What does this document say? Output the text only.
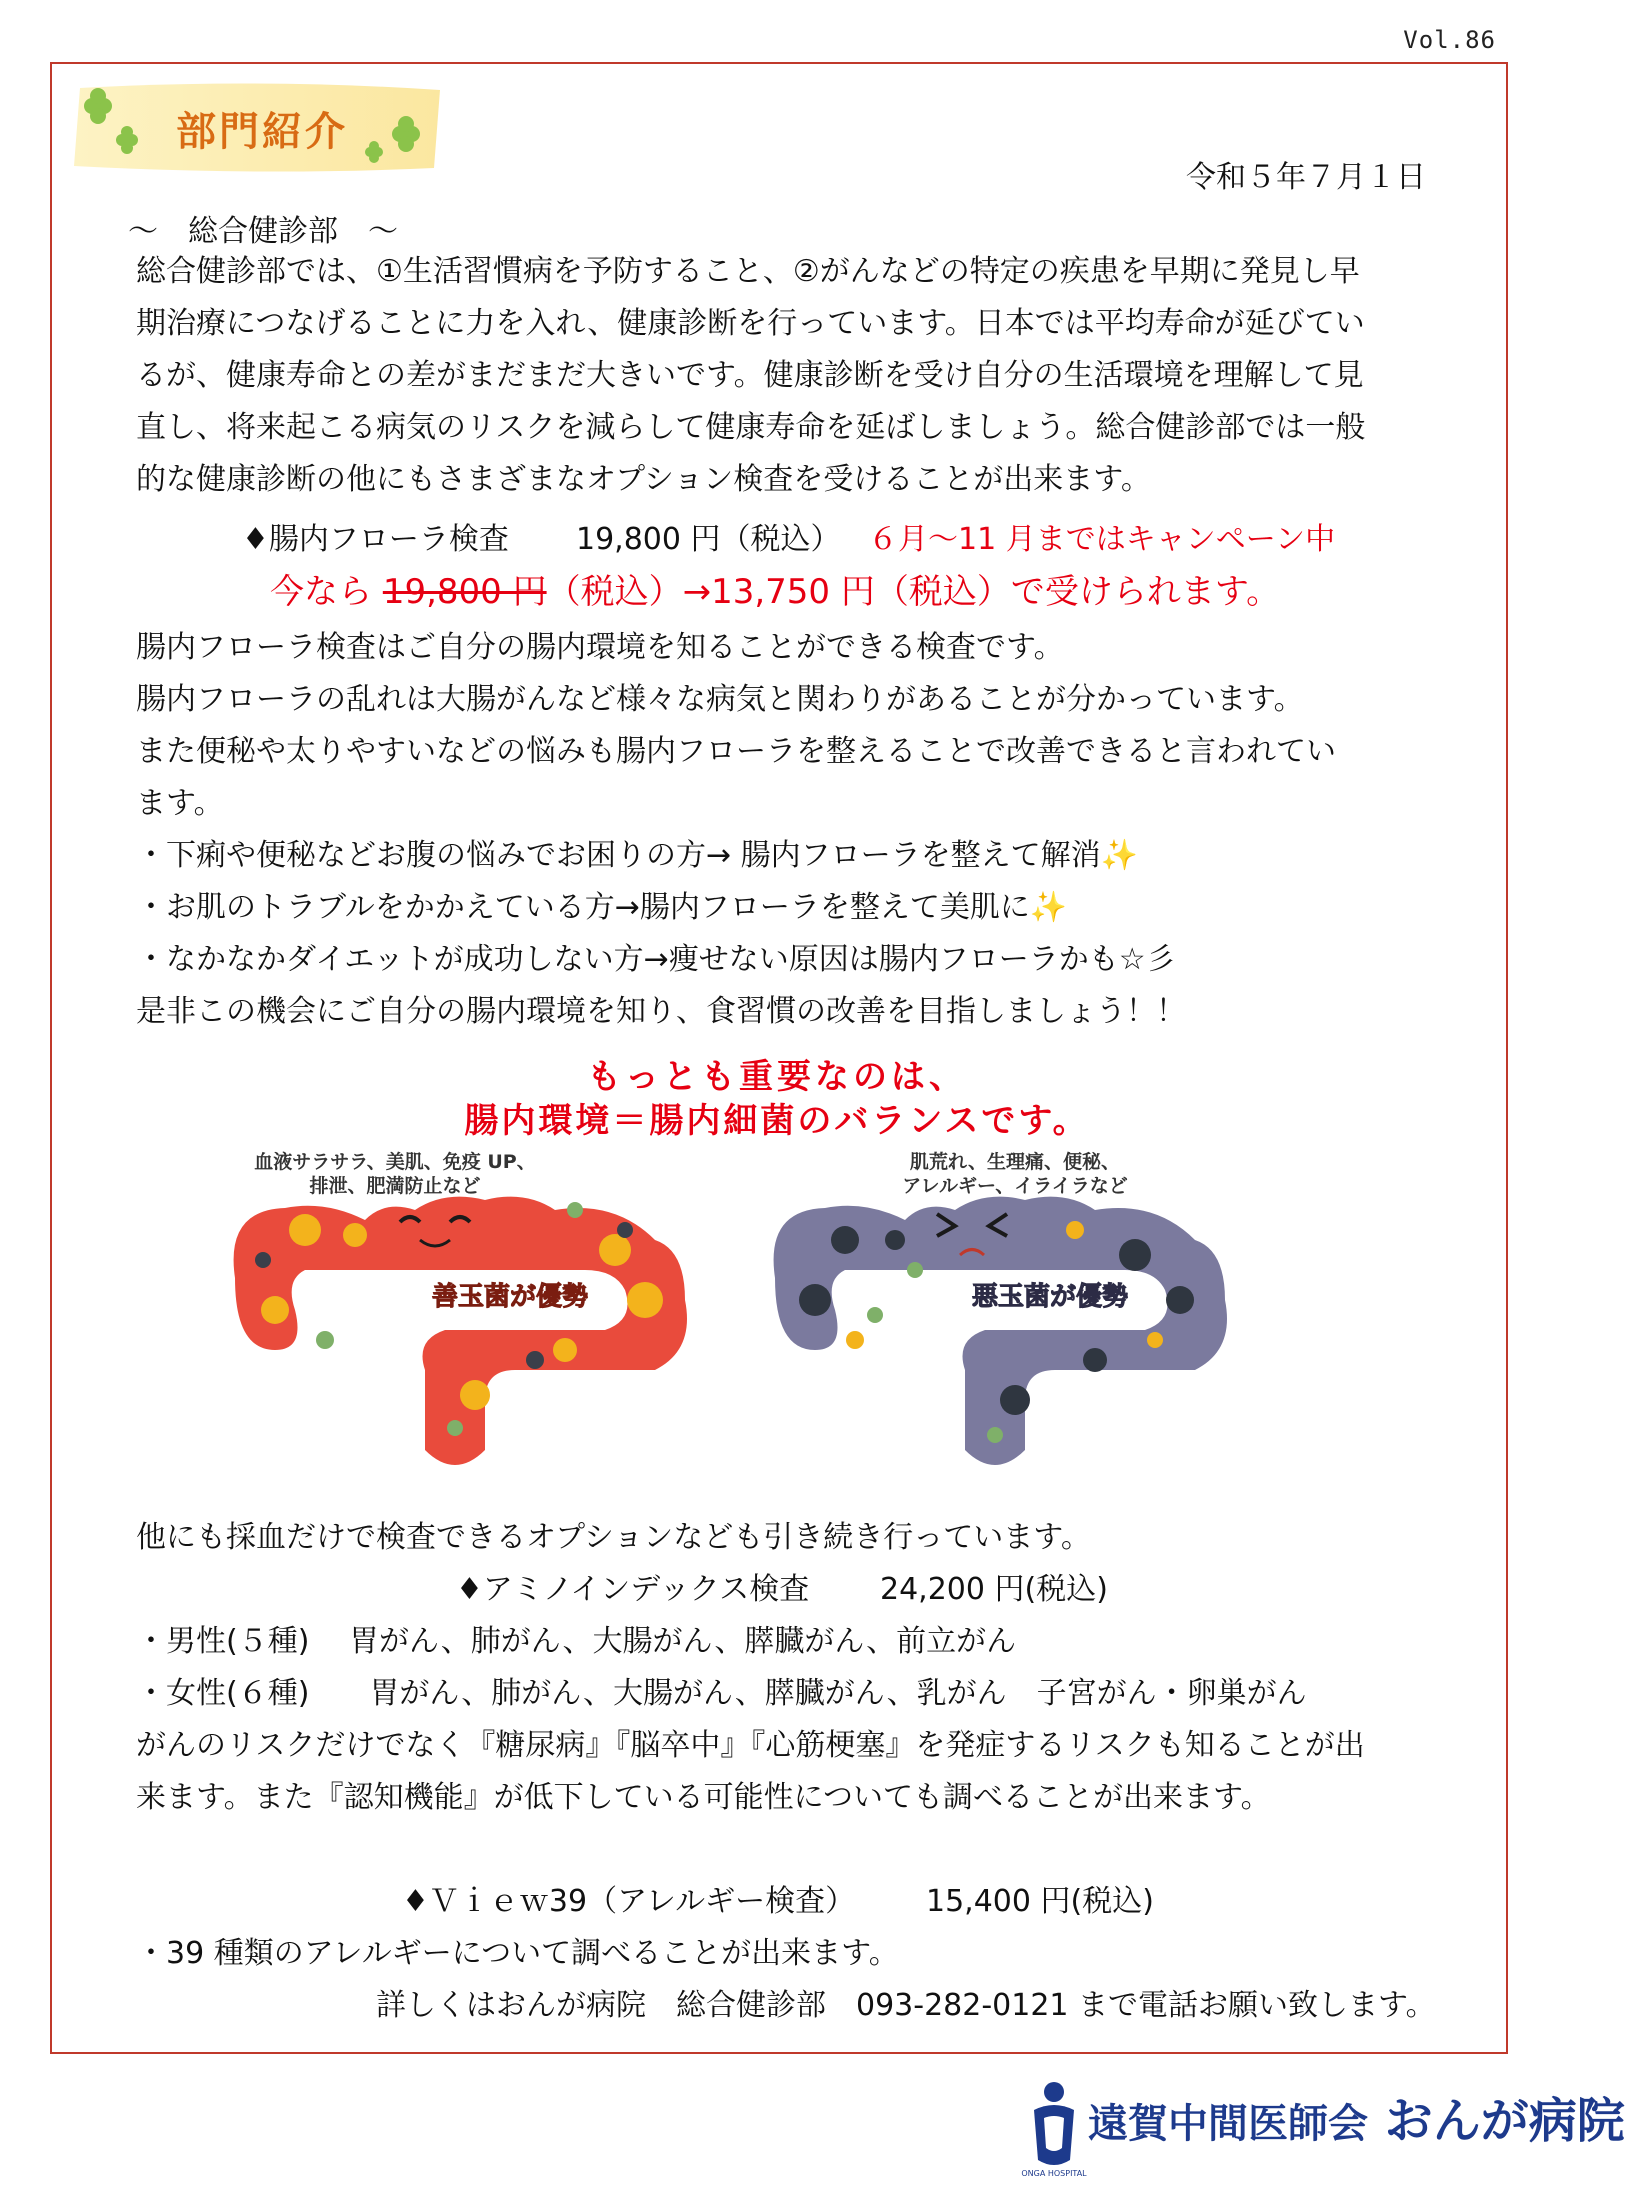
Vol.86
部門紹介
令和５年７月１日
～　総合健診部　～
総合健診部では、①生活習慣病を予防すること、②がんなどの特定の疾患を早期に発見し早
期治療につなげることに力を入れ、健康診断を行っています。日本では平均寿命が延びてい
るが、健康寿命との差がまだまだ大きいです。健康診断を受け自分の生活環境を理解して見
直し、将来起こる病気のリスクを減らして健康寿命を延ばしましょう。総合健診部では一般
的な健康診断の他にもさまざまなオプション検査を受けることが出来ます。
♦腸内フローラ検査 19,800 円（税込） ６月～11 月まではキャンペーン中
今なら 19,800 円（税込）→13,750 円（税込）で受けられます。
腸内フローラ検査はご自分の腸内環境を知ることができる検査です。
腸内フローラの乱れは大腸がんなど様々な病気と関わりがあることが分かっています。
また便秘や太りやすいなどの悩みも腸内フローラを整えることで改善できると言われてい
ます。
・下痢や便秘などお腹の悩みでお困りの方→ 腸内フローラを整えて解消✨
・お肌のトラブルをかかえている方→腸内フローラを整えて美肌に✨
・なかなかダイエットが成功しない方→痩せない原因は腸内フローラかも☆彡
是非この機会にご自分の腸内環境を知り、食習慣の改善を目指しましょう！！
もっとも重要なのは、
腸内環境＝腸内細菌のバランスです。
血液サラサラ、美肌、免疫 UP、
排泄、肥満防止など
肌荒れ、生理痛、便秘、
アレルギー、イライラなど
善玉菌が優勢	悪玉菌が優勢
他にも採血だけで検査できるオプションなども引き続き行っています。
♦アミノインデックス検査 24,200 円(税込)
・男性(５種)　 胃がん、肺がん、大腸がん、膵臓がん、前立がん
・女性(６種)　　胃がん、肺がん、大腸がん、膵臓がん、乳がん　子宮がん・卵巣がん
がんのリスクだけでなく『糖尿病』『脳卒中』『心筋梗塞』を発症するリスクも知ることが出
来ます。また『認知機能』が低下している可能性についても調べることが出来ます。
♦Ｖｉｅｗ39（アレルギー検査） 15,400 円(税込)
・39 種類のアレルギーについて調べることが出来ます。
詳しくはおんが病院　総合健診部　093-282-0121 まで電話お願い致します。
ONGA HOSPITAL
遠賀中間医師会 おんが病院
